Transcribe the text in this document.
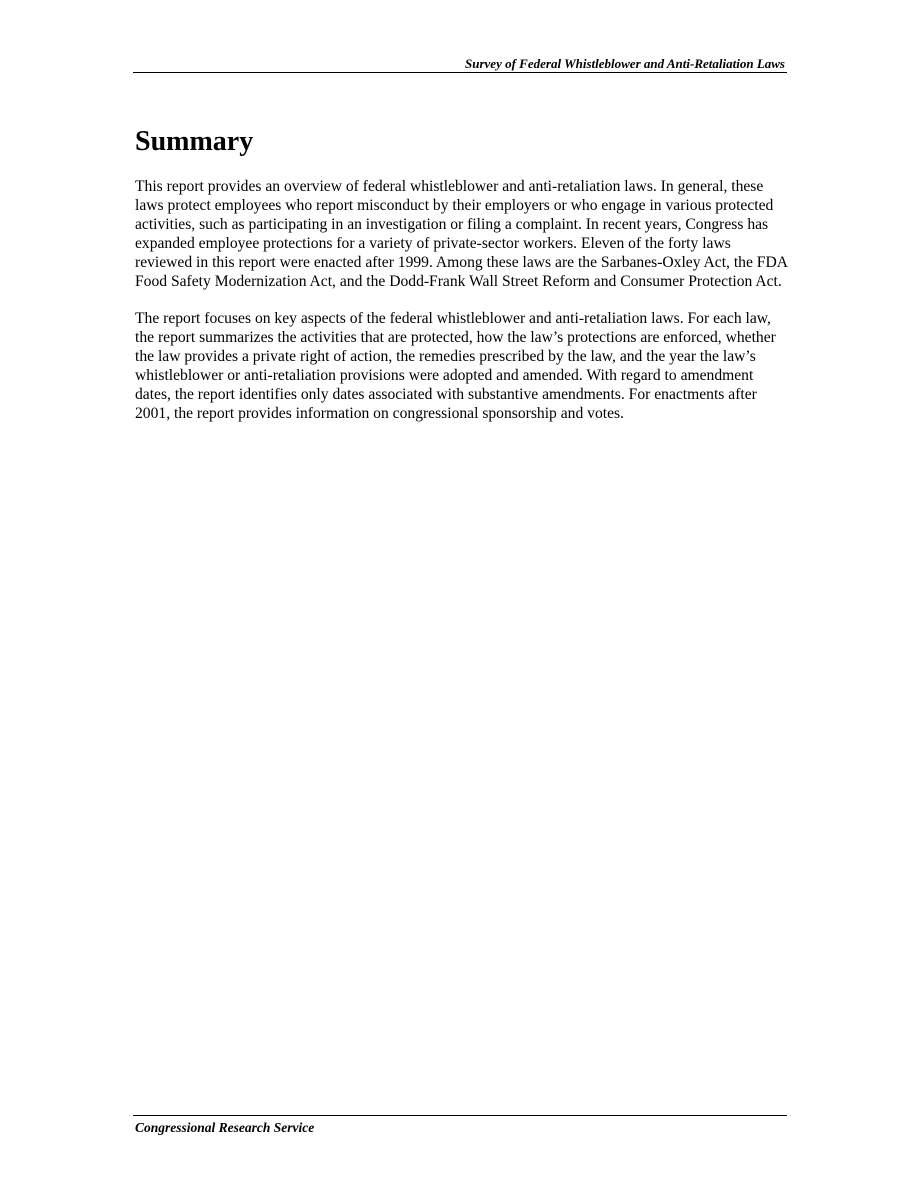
Survey of Federal Whistleblower and Anti-Retaliation Laws
Summary

This report provides an overview of federal whistleblower and anti-retaliation laws. In general, these laws protect employees who report misconduct by their employers or who engage in various protected activities, such as participating in an investigation or filing a complaint. In recent years, Congress has expanded employee protections for a variety of private-sector workers. Eleven of the forty laws reviewed in this report were enacted after 1999. Among these laws are the Sarbanes-Oxley Act, the FDA Food Safety Modernization Act, and the Dodd-Frank Wall Street Reform and Consumer Protection Act.

The report focuses on key aspects of the federal whistleblower and anti-retaliation laws. For each law, the report summarizes the activities that are protected, how the law’s protections are enforced, whether the law provides a private right of action, the remedies prescribed by the law, and the year the law’s whistleblower or anti-retaliation provisions were adopted and amended. With regard to amendment dates, the report identifies only dates associated with substantive amendments. For enactments after 2001, the report provides information on congressional sponsorship and votes.

Congressional Research Service
